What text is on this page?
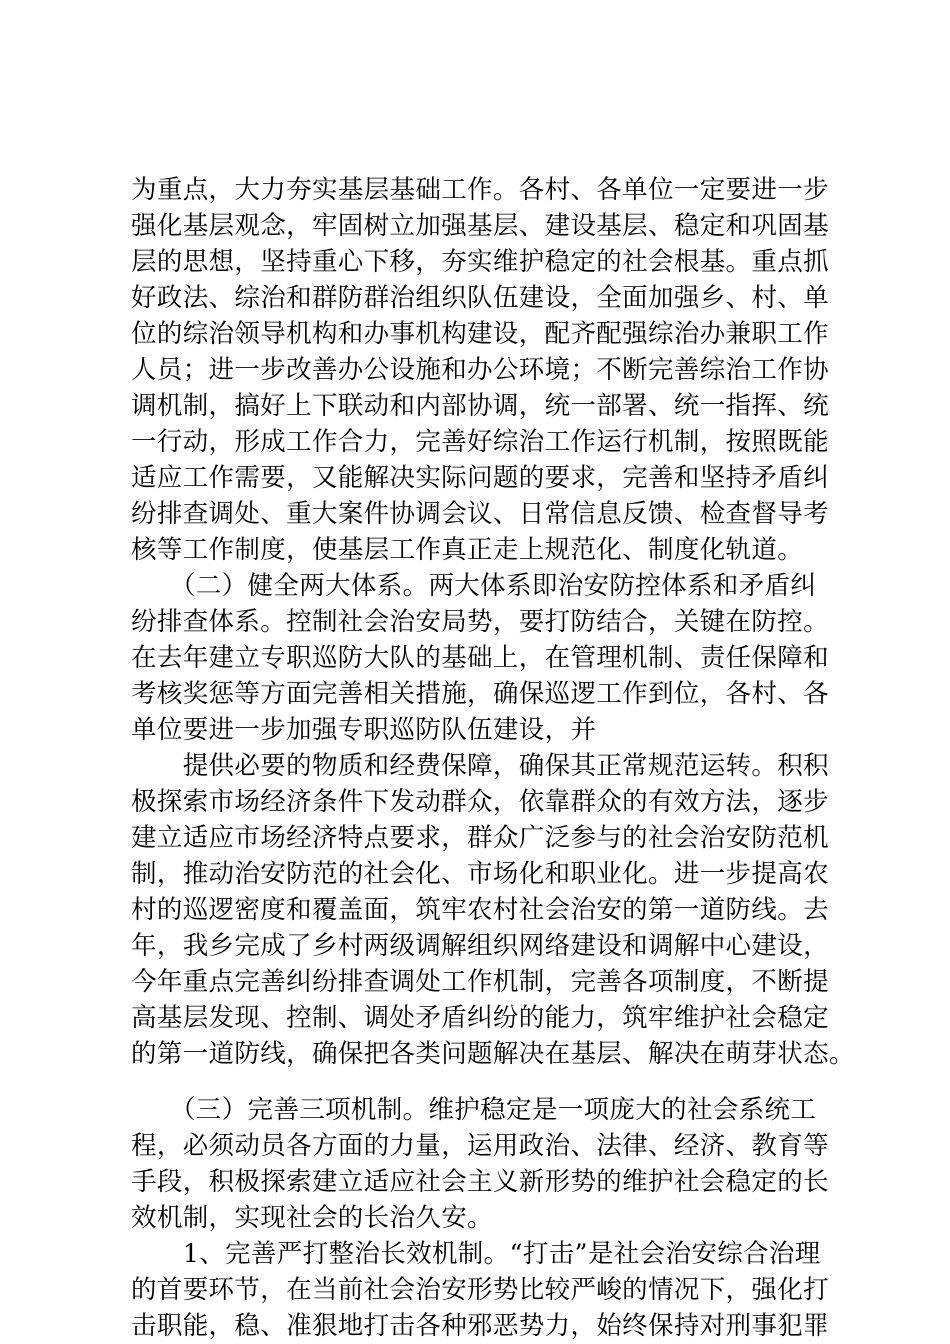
为重点，大力夯实基层基础工作。各村、各单位一定要进一步
强化基层观念，牢固树立加强基层、建设基层、稳定和巩固基
层的思想，坚持重心下移，夯实维护稳定的社会根基。重点抓
好政法、综治和群防群治组织队伍建设，全面加强乡、村、单
位的综治领导机构和办事机构建设，配齐配强综治办兼职工作
人员；进一步改善办公设施和办公环境；不断完善综治工作协
调机制，搞好上下联动和内部协调，统一部署、统一指挥、统
一行动，形成工作合力，完善好综治工作运行机制，按照既能
适应工作需要，又能解决实际问题的要求，完善和坚持矛盾纠
纷排查调处、重大案件协调会议、日常信息反馈、检查督导考
核等工作制度，使基层工作真正走上规范化、制度化轨道。
　　（二）健全两大体系。两大体系即治安防控体系和矛盾纠
纷排查体系。控制社会治安局势，要打防结合，关键在防控。
在去年建立专职巡防大队的基础上，在管理机制、责任保障和
考核奖惩等方面完善相关措施，确保巡逻工作到位，各村、各
单位要进一步加强专职巡防队伍建设，并
　　提供必要的物质和经费保障，确保其正常规范运转。积积
极探索市场经济条件下发动群众，依靠群众的有效方法，逐步
建立适应市场经济特点要求，群众广泛参与的社会治安防范机
制，推动治安防范的社会化、市场化和职业化。进一步提高农
村的巡逻密度和覆盖面，筑牢农村社会治安的第一道防线。去
年，我乡完成了乡村两级调解组织网络建设和调解中心建设，
今年重点完善纠纷排查调处工作机制，完善各项制度，不断提
高基层发现、控制、调处矛盾纠纷的能力，筑牢维护社会稳定
的第一道防线，确保把各类问题解决在基层、解决在萌芽状态。
　　（三）完善三项机制。维护稳定是一项庞大的社会系统工
程，必须动员各方面的力量，运用政治、法律、经济、教育等
手段，积极探索建立适应社会主义新形势的维护社会稳定的长
效机制，实现社会的长治久安。
　　1、完善严打整治长效机制。“打击”是社会治安综合治理
的首要环节，在当前社会治安形势比较严峻的情况下，强化打
击职能，稳、准狠地打击各种邪恶势力，始终保持对刑事犯罪
